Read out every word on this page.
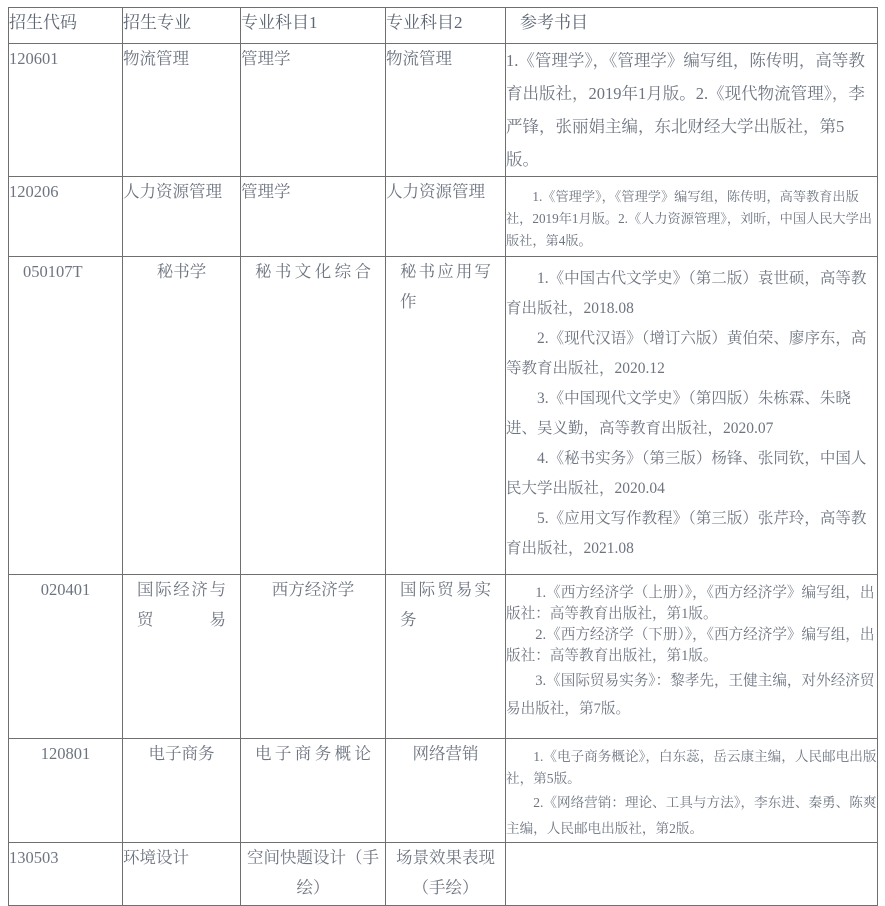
招生代码	招生专业	专业科目1	专业科目2	参考书目
120601	物流管理	管理学	物流管理	1.《管理学》，《管理学》编写组，陈传明，高等教育出版社，2019年1月版。2.《现代物流管理》，李严锋，张丽娟主编，东北财经大学出版社，第5版。

120206	人力资源管理	管理学	人力资源管理	1.《管理学》，《管理学》编写组，陈传明，高等教育出版社，2019年1月版。2.《人力资源管理》，刘昕，中国人民大学出版社，第4版。

050107T	秘书学	秘书文化综合	秘书应用写作	1.《中国古代文学史》（第二版）袁世硕，高等教育出版社，2018.08
2.《现代汉语》（增订六版）黄伯荣、廖序东，高等教育出版社，2020.12
3.《中国现代文学史》（第四版）朱栋霖、朱晓进、吴义勤，高等教育出版社，2020.07
4.《秘书实务》（第三版）杨锋、张同钦，中国人民大学出版社，2020.04
5.《应用文写作教程》（第三版）张芹玲，高等教育出版社，2021.08

020401	国际经济与贸易	西方经济学	国际贸易实务	1.《西方经济学（上册）》，《西方经济学》编写组，出版社：高等教育出版社，第1版。
2.《西方经济学（下册）》，《西方经济学》编写组，出版社：高等教育出版社，第1版。
3.《国际贸易实务》：黎孝先，王健主编，对外经济贸易出版社，第7版。

120801	电子商务	电子商务概论	网络营销	1.《电子商务概论》，白东蕊，岳云康主编，人民邮电出版社，第5版。
2.《网络营销：理论、工具与方法》，李东进、秦勇、陈爽主编，人民邮电出版社，第2版。

130503	环境设计	空间快题设计（手绘）	场景效果表现（手绘）	
